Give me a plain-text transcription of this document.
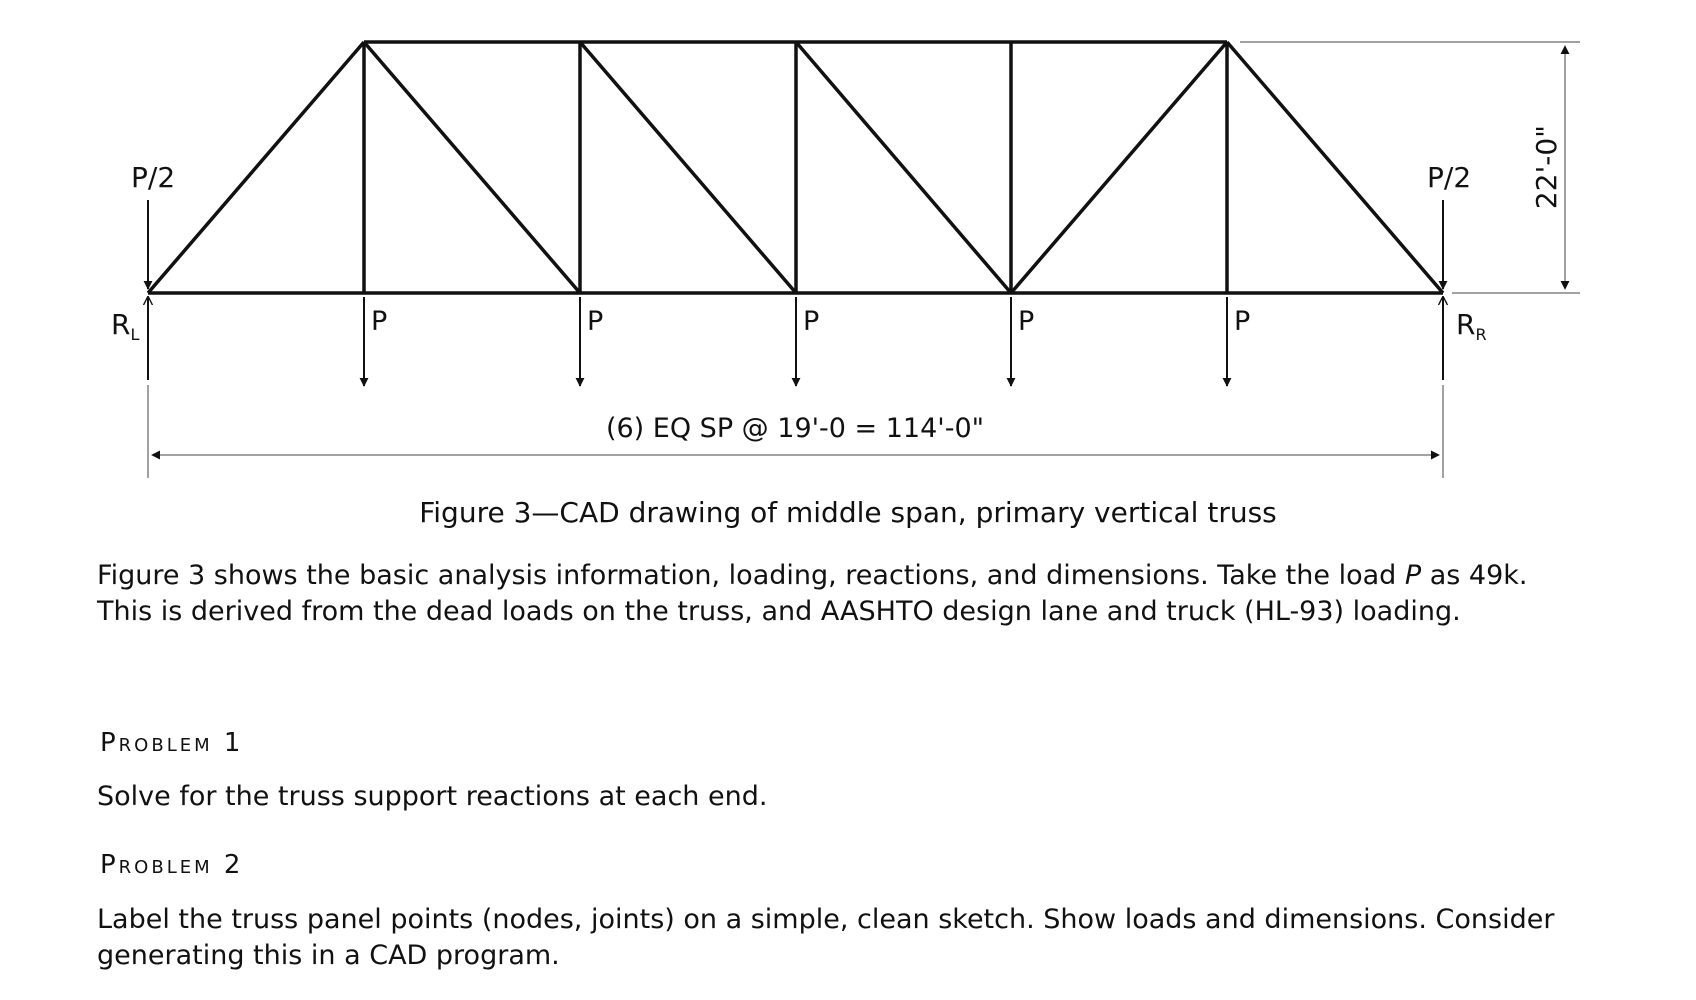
P/2	P/2
$R_L$	$R_R$
P	P	P	P	P
22'-0"
(6) EQ SP @ 19'-0 = 114'-0"
Figure 3—CAD drawing of middle span, primary vertical truss
Figure 3 shows the basic analysis information, loading, reactions, and dimensions. Take the load P as 49k.
This is derived from the dead loads on the truss, and AASHTO design lane and truck (HL-93) loading.
Problem 1
Solve for the truss support reactions at each end.
Problem 2
Label the truss panel points (nodes, joints) on a simple, clean sketch. Show loads and dimensions. Consider generating this in a CAD program.
